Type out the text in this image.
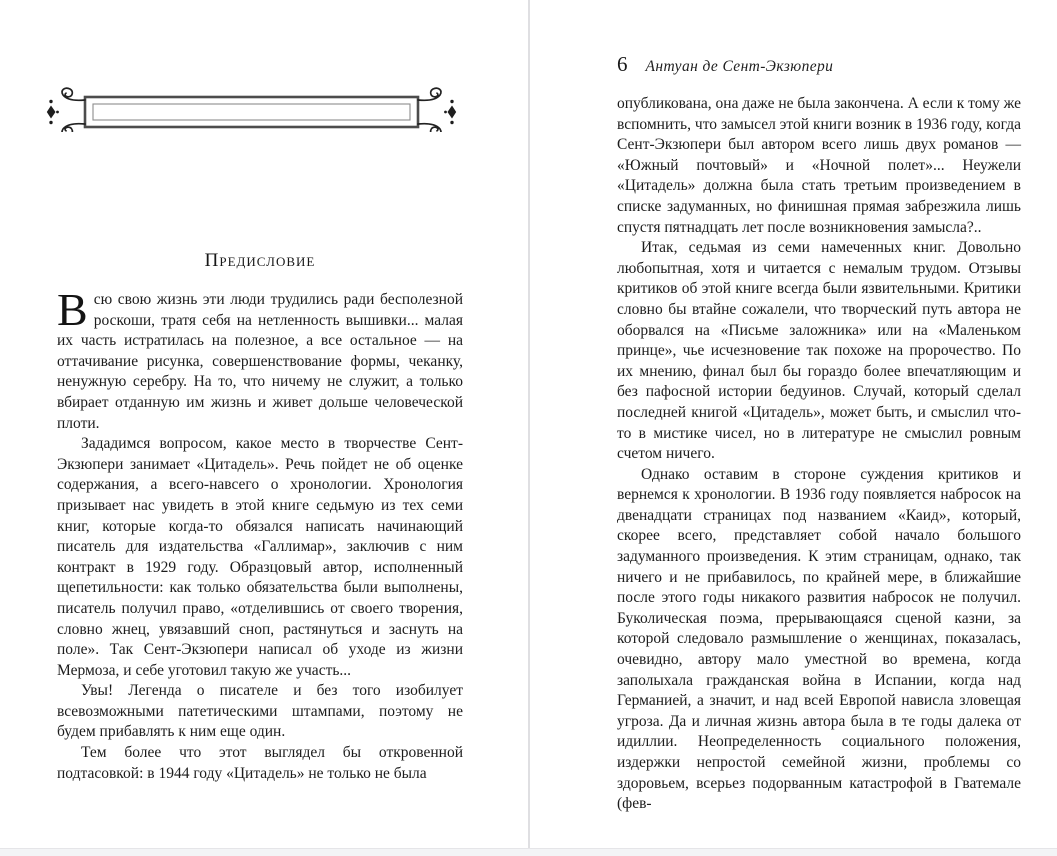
Предисловие

Всю свою жизнь эти люди трудились ради бесполезной роскоши, тратя себя на нетленность вышивки... малая их часть истратилась на полезное, а все остальное — на оттачивание рисунка, совершенствование формы, чеканку, ненужную серебру. На то, что ничему не служит, а только вбирает отданную им жизнь и живет дольше человеческой плоти.

Зададимся вопросом, какое место в творчестве Сент-Экзюпери занимает «Цитадель». Речь пойдет не об оценке содержания, а всего-навсего о хронологии. Хронология призывает нас увидеть в этой книге седьмую из тех семи книг, которые когда-то обязался написать начинающий писатель для издательства «Галлимар», заключив с ним контракт в 1929 году. Образцовый автор, исполненный щепетильности: как только обязательства были выполнены, писатель получил право, «отделившись от своего творения, словно жнец, увязавший сноп, растянуться и заснуть на поле». Так Сент-Экзюпери написал об уходе из жизни Мермоза, и себе уготовил такую же участь...

Увы! Легенда о писателе и без того изобилует всевозможными патетическими штампами, поэтому не будем прибавлять к ним еще один.

Тем более что этот выглядел бы откровенной подтасовкой: в 1944 году «Цитадель» не только не была

6 Антуан де Сент-Экзюпери

опубликована, она даже не была закончена. А если к тому же вспомнить, что замысел этой книги возник в 1936 году, когда Сент-Экзюпери был автором всего лишь двух романов — «Южный почтовый» и «Ночной полет»... Неужели «Цитадель» должна была стать третьим произведением в списке задуманных, но финишная прямая забрезжила лишь спустя пятнадцать лет после возникновения замысла?..

Итак, седьмая из семи намеченных книг. Довольно любопытная, хотя и читается с немалым трудом. Отзывы критиков об этой книге всегда были язвительными. Критики словно бы втайне сожалели, что творческий путь автора не оборвался на «Письме заложника» или на «Маленьком принце», чье исчезновение так похоже на пророчество. По их мнению, финал был бы гораздо более впечатляющим и без пафосной истории бедуинов. Случай, который сделал последней книгой «Цитадель», может быть, и смыслил что-то в мистике чисел, но в литературе не смыслил ровным счетом ничего.

Однако оставим в стороне суждения критиков и вернемся к хронологии. В 1936 году появляется набросок на двенадцати страницах под названием «Каид», который, скорее всего, представляет собой начало большого задуманного произведения. К этим страницам, однако, так ничего и не прибавилось, по крайней мере, в ближайшие после этого годы никакого развития набросок не получил. Буколическая поэма, прерывающаяся сценой казни, за которой следовало размышление о женщинах, показалась, очевидно, автору мало уместной во времена, когда заполыхала гражданская война в Испании, когда над Германией, а значит, и над всей Европой нависла зловещая угроза. Да и личная жизнь автора была в те годы далека от идиллии. Неопределенность социального положения, издержки непростой семейной жизни, проблемы со здоровьем, всерьез подорванным катастрофой в Гватемале (фев-
